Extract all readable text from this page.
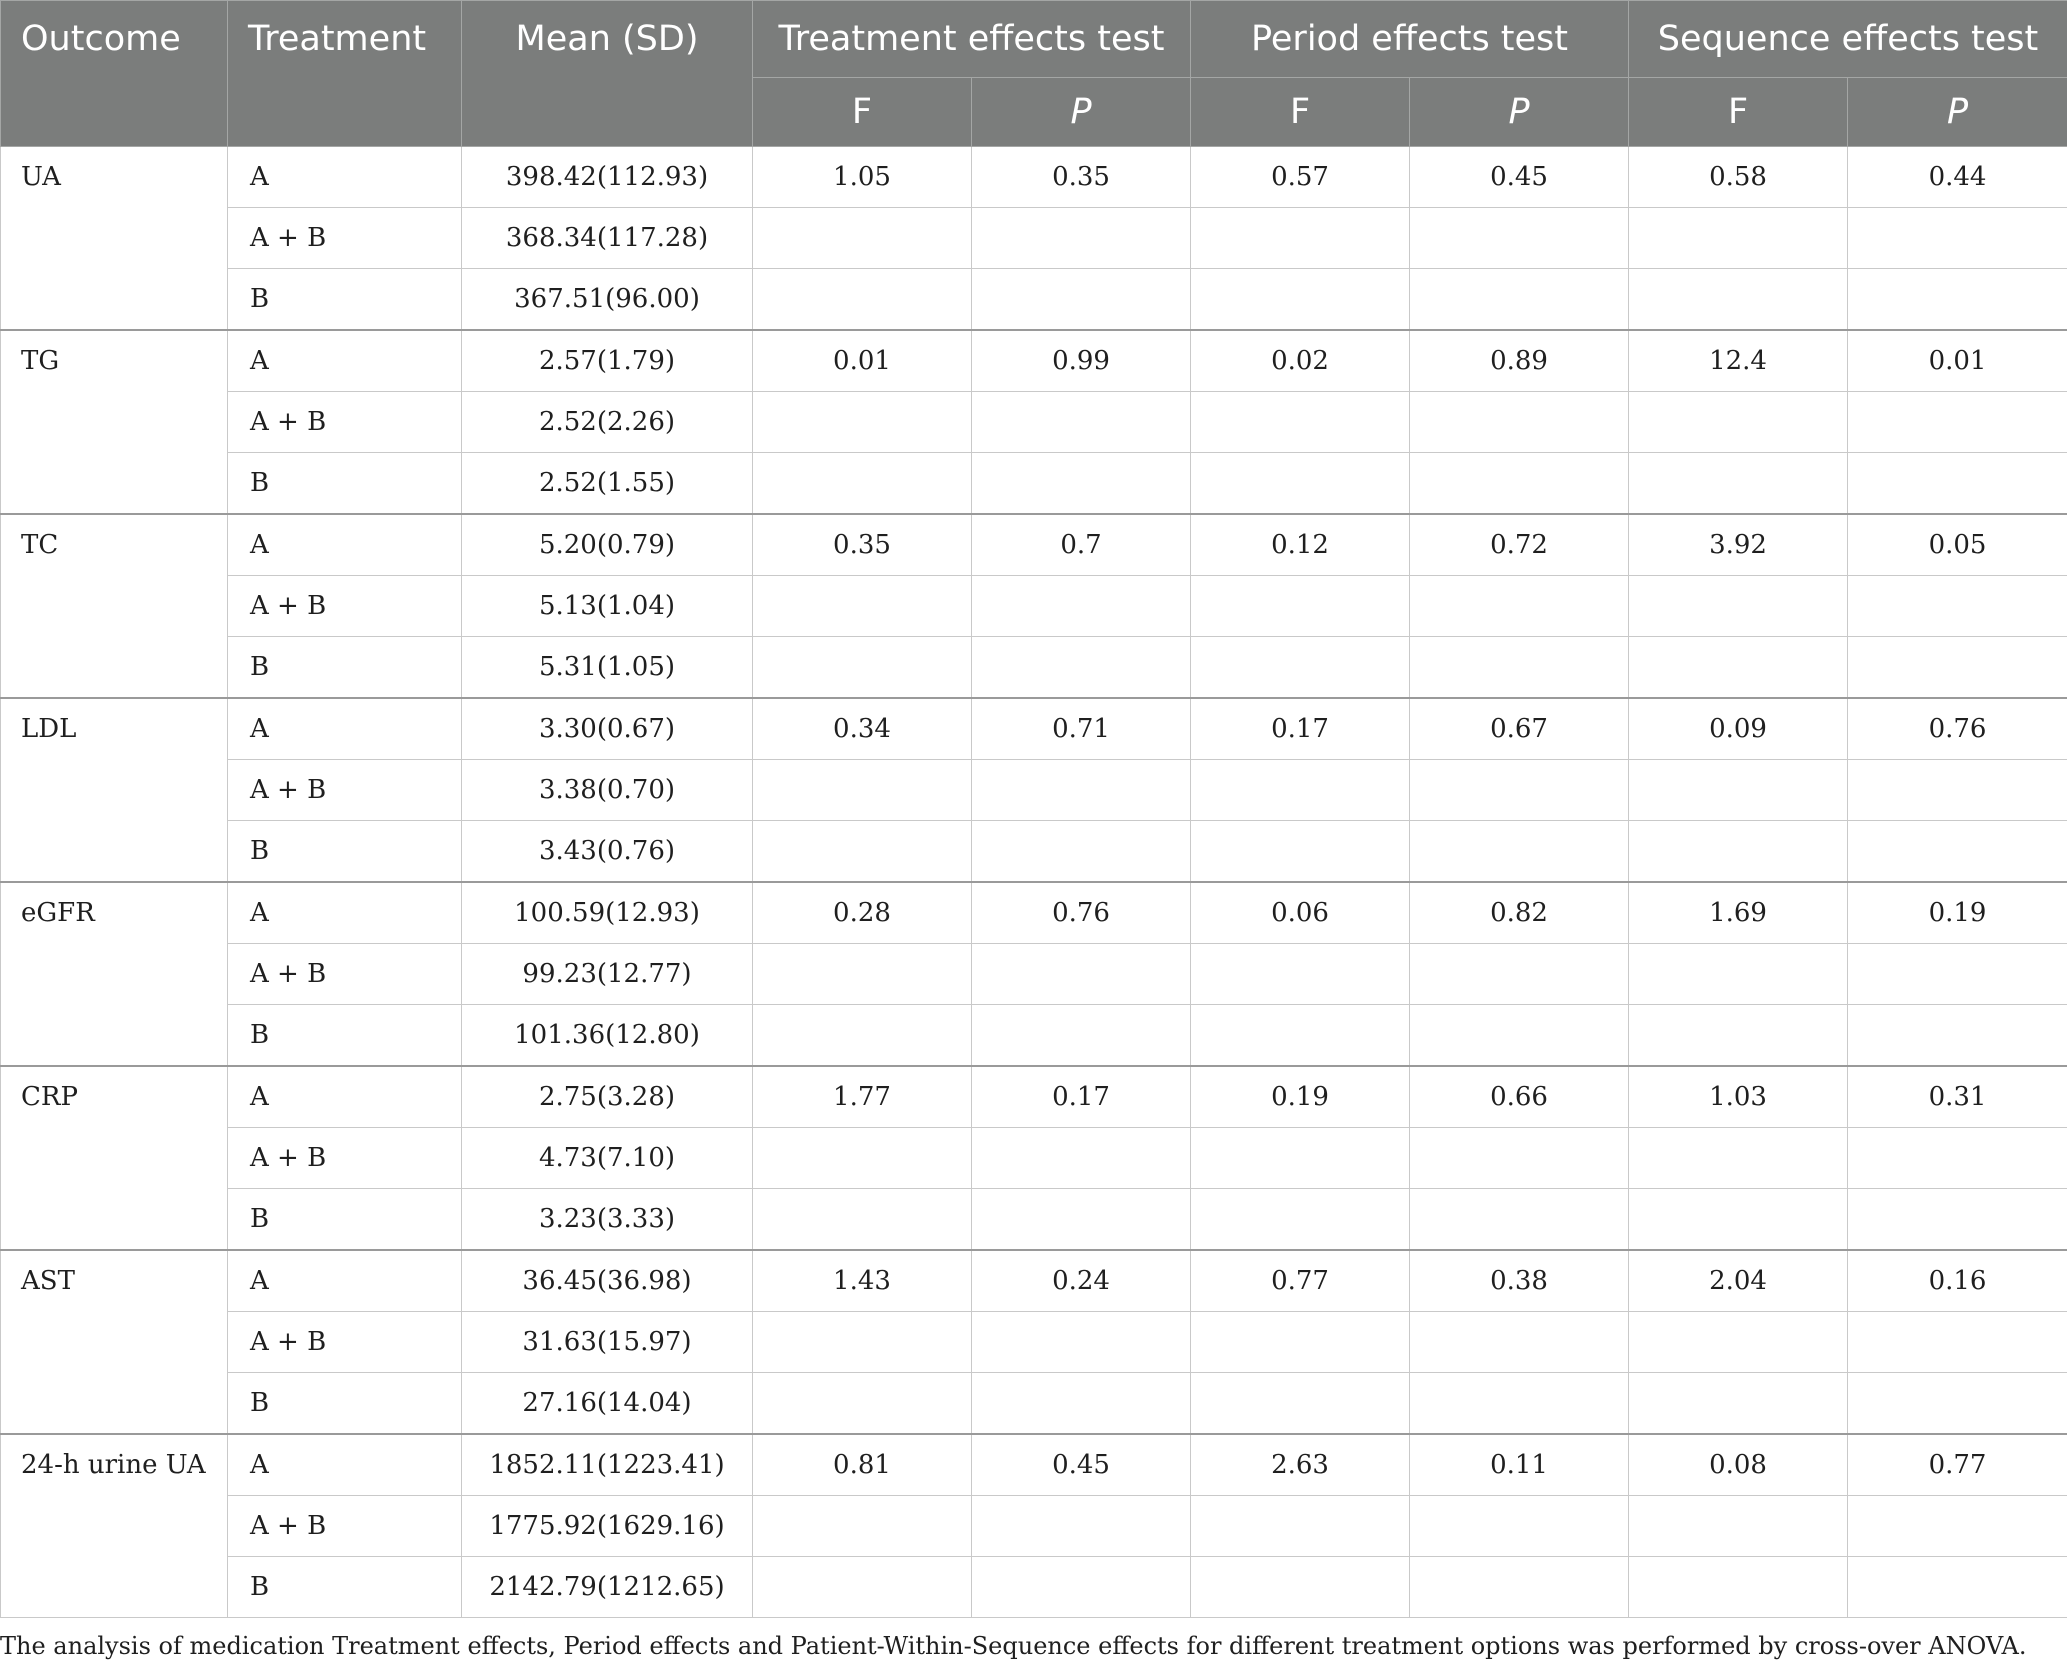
Outcome	Treatment	Mean (SD)	Treatment effects test		Period effects test		Sequence effects test	
			F	P	F	P	F	P
UA	A	398.42(112.93)	1.05	0.35	0.57	0.45	0.58	0.44
	A + B	368.34(117.28)						
	B	367.51(96.00)						
TG	A	2.57(1.79)	0.01	0.99	0.02	0.89	12.4	0.01
	A + B	2.52(2.26)						
	B	2.52(1.55)						
TC	A	5.20(0.79)	0.35	0.7	0.12	0.72	3.92	0.05
	A + B	5.13(1.04)						
	B	5.31(1.05)						
LDL	A	3.30(0.67)	0.34	0.71	0.17	0.67	0.09	0.76
	A + B	3.38(0.70)						
	B	3.43(0.76)						
eGFR	A	100.59(12.93)	0.28	0.76	0.06	0.82	1.69	0.19
	A + B	99.23(12.77)						
	B	101.36(12.80)						
CRP	A	2.75(3.28)	1.77	0.17	0.19	0.66	1.03	0.31
	A + B	4.73(7.10)						
	B	3.23(3.33)						
AST	A	36.45(36.98)	1.43	0.24	0.77	0.38	2.04	0.16
	A + B	31.63(15.97)						
	B	27.16(14.04)						
24-h urine UA	A	1852.11(1223.41)	0.81	0.45	2.63	0.11	0.08	0.77
	A + B	1775.92(1629.16)						
	B	2142.79(1212.65)						
The analysis of medication Treatment effects, Period effects and Patient-Within-Sequence effects for different treatment options was performed by cross-over ANOVA.
